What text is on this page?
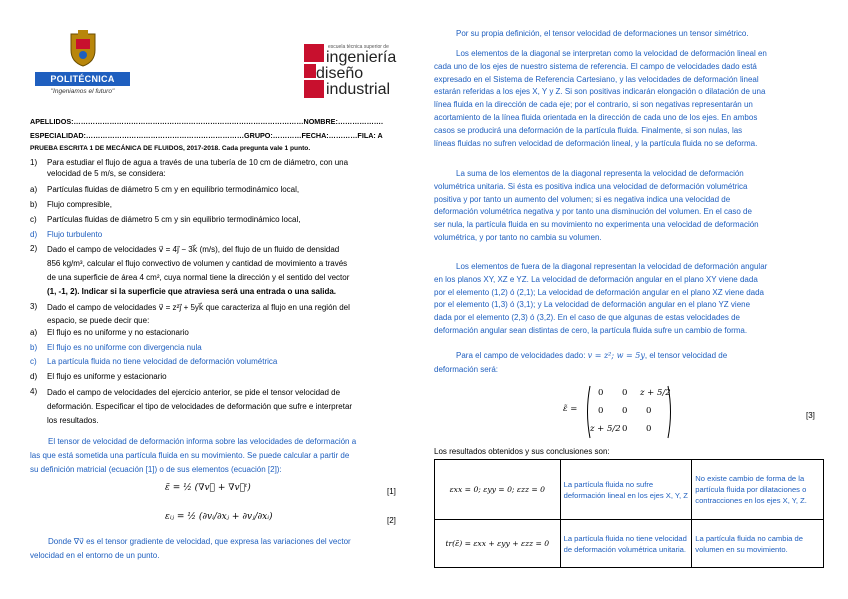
POLITÉCNICA
"Ingeniamos el futuro"
escuela técnica superior de
ingeniería
diseño
industrial
APELLIDOS:……………………………………………………………………………………NOMBRE:……………….
ESPECIALIDAD:…………………………………………………………GRUPO:…………FECHA:…………FILA: A
PRUEBA ESCRITA 1 DE MECÁNICA DE FLUIDOS, 2017-2018. Cada pregunta vale 1 punto.
1)	Para estudiar el flujo de agua a través de una tubería de 10 cm de diámetro, con una
velocidad de 5 m/s, se considera:
a)	Partículas fluidas de diámetro 5 cm y en equilibrio termodinámico local,
b)	Flujo compresible,
c)	Partículas fluidas de diámetro 5 cm y sin equilibrio termodinámico local,
d)	Flujo turbulento
2)	Dado el campo de velocidades v⃗ = 4j⃗ − 3k⃗ (m/s), del flujo de un fluido de densidad
856 kg/m³, calcular el flujo convectivo de volumen y cantidad de movimiento a través
de una superficie de área 4 cm², cuya normal tiene la dirección y el sentido del vector
(1, -1, 2). Indicar si la superficie que atraviesa será una entrada o una salida.
3)	Dado el campo de velocidades v⃗ = z²j⃗ + 5yk⃗ que caracteriza al flujo en una región del
espacio, se puede decir que:
a)	El flujo es no uniforme y no estacionario
b)	El flujo es no uniforme con divergencia nula
c)	La partícula fluida no tiene velocidad de deformación volumétrica
d)	El flujo es uniforme y estacionario
4)	Dado el campo de velocidades del ejercicio anterior, se pide el tensor velocidad de
deformación. Especificar el tipo de velocidades de deformación que sufre e interpretar
los resultados.
El tensor de velocidad de deformación informa sobre las velocidades de deformación a
las que está sometida una partícula fluida en su movimiento. Se puede calcular a partir de
su definición matricial (ecuación [1]) o de sus elementos (ecuación [2]):
ε̃ = ½ (∇v⃗ + ∇v⃗ᵗ)	[1]
εᵢⱼ = ½ (∂vᵢ/∂xⱼ + ∂vⱼ/∂xᵢ)	[2]
Donde ∇v⃗ es el tensor gradiente de velocidad, que expresa las variaciones del vector
velocidad en el entorno de un punto.
Por su propia definición, el tensor velocidad de deformaciones un tensor simétrico.
Los elementos de la diagonal se interpretan como la velocidad de deformación lineal en
cada uno de los ejes de nuestro sistema de referencia. El campo de velocidades dado está
expresado en el Sistema de Referencia Cartesiano, y las velocidades de deformación lineal
estarán referidas a los ejes X, Y y Z. Si son positivas indicarán elongación o dilatación de una
línea fluida en la dirección de cada eje; por el contrario, si son negativas representarán un
acortamiento de la línea fluida orientada en la dirección de cada uno de los ejes. En ambos
casos se producirá una deformación de la partícula fluida. Finalmente, si son nulas, las
líneas fluidas no sufren velocidad de deformación lineal, y la partícula fluida no se deforma.
La suma de los elementos de la diagonal representa la velocidad de deformación
volumétrica unitaria. Si ésta es positiva indica una velocidad de deformación volumétrica
positiva y por tanto un aumento del volumen; si es negativa indica una velocidad de
deformación volumétrica negativa y por tanto una disminución del volumen. En el caso de
ser nula, la partícula fluida en su movimiento no experimenta una velocidad de deformación
volumétrica, y por tanto no cambia su volumen.
Los elementos de fuera de la diagonal representan la velocidad de deformación angular
en los planos XY, XZ e YZ. La velocidad de deformación angular en el plano XY viene dada
por el elemento (1,2) ó (2,1); La velocidad de deformación angular en el plano XZ viene dada
por el elemento (1,3) ó (3,1); y La velocidad de deformación angular en el plano YZ viene
dada por el elemento (2,3) ó (3,2). En el caso de que algunas de estas velocidades de
deformación angular sean distintas de cero, la partícula fluida sufre un cambio de forma.
Para el campo de velocidades dado: v = z²; w = 5y, el tensor velocidad de
deformación será:
ε̃ =
0 0 z + 5/2
0 0 0
z + 5/2 0 0
[3]
Los resultados obtenidos y sus conclusiones son:
εxx = 0; εyy = 0; εzz = 0	La partícula fluida no sufre deformación lineal en los ejes X, Y, Z	No existe cambio de forma de la partícula fluida por dilataciones o contracciones en los ejes X, Y, Z.
tr(ε̃) = εxx + εyy + εzz = 0	La partícula fluida no tiene velocidad de deformación volumétrica unitaria.	La partícula fluida no cambia de volumen en su movimiento.
